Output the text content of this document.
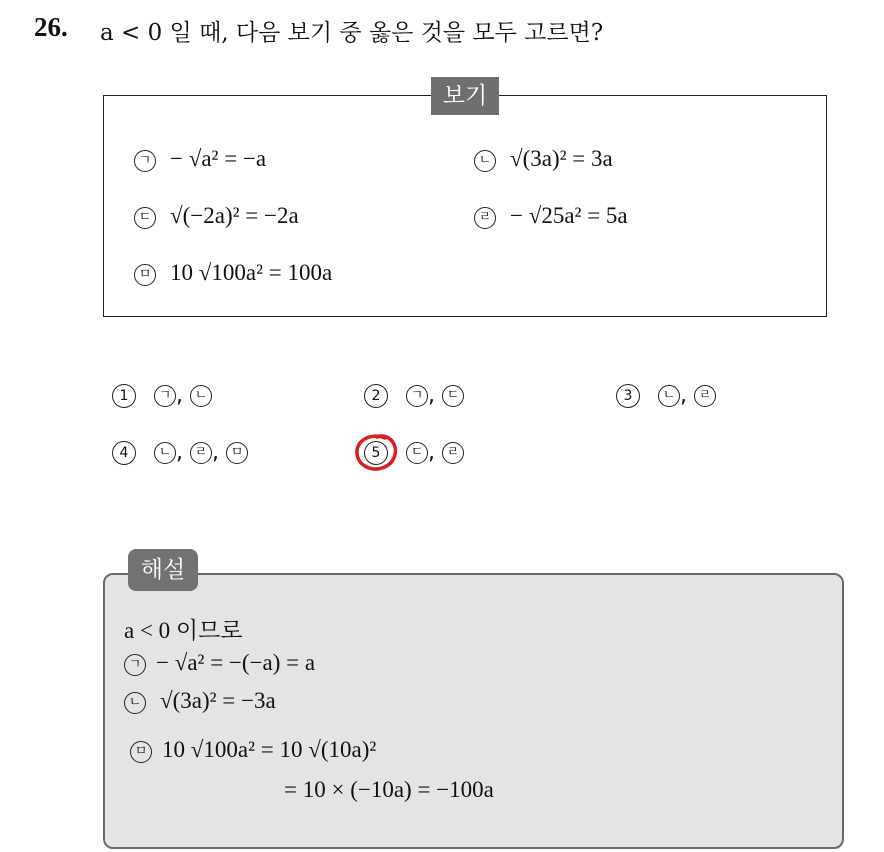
26. a < 0 일 때, 다음 보기 중 옳은 것을 모두 고르면?
보기
ㄱ − √a² = −a	ㄴ √(3a)² = 3a
ㄷ √(−2a)² = −2a	ㄹ − √25a² = 5a
ㅁ 10 √100a² = 100a
1 ㄱ , ㄴ	2 ㄱ , ㄷ	3 ㄴ , ㄹ
4 ㄴ , ㄹ , ㅁ	5 ㄷ , ㄹ
해설
a < 0 이므로
ㄱ − √a² = −(−a) = a
ㄴ √(3a)² = −3a
ㅁ 10 √100a² = 10 √(10a)²
= 10 × (−10a) = −100a
